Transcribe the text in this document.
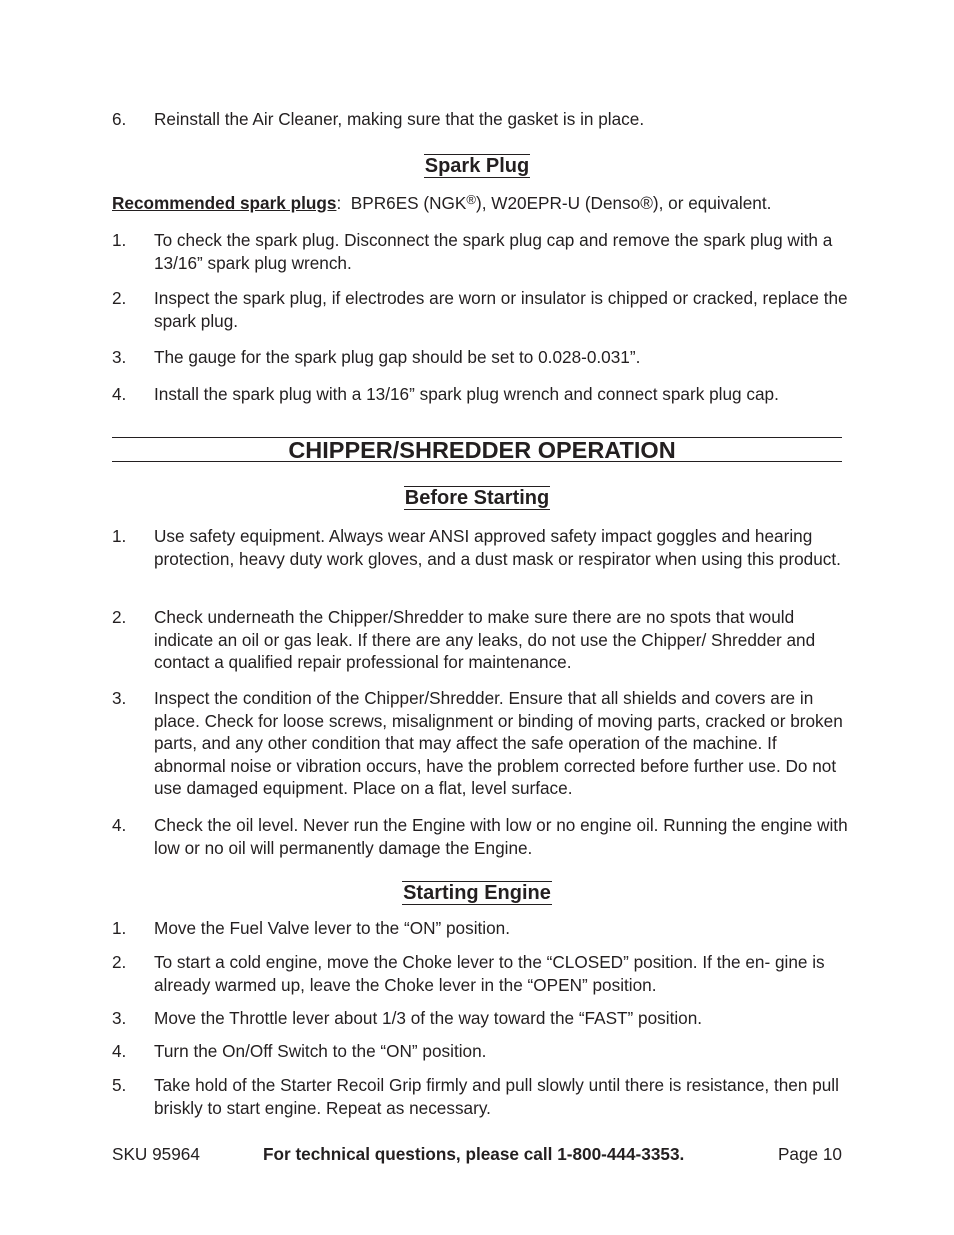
6. Reinstall the Air Cleaner, making sure that the gasket is in place.
Spark Plug
Recommended spark plugs: BPR6ES (NGK®), W20EPR-U (Denso®), or equivalent.
1. To check the spark plug. Disconnect the spark plug cap and remove the spark plug with a 13/16” spark plug wrench.
2. Inspect the spark plug, if electrodes are worn or insulator is chipped or cracked, replace the spark plug.
3. The gauge for the spark plug gap should be set to 0.028-0.031”.
4. Install the spark plug with a 13/16” spark plug wrench and connect spark plug cap.
CHIPPER/SHREDDER OPERATION
Before Starting
1. Use safety equipment. Always wear ANSI approved safety impact goggles and hearing protection, heavy duty work gloves, and a dust mask or respirator when using this product.
2. Check underneath the Chipper/Shredder to make sure there are no spots that would indicate an oil or gas leak. If there are any leaks, do not use the Chipper/ Shredder and contact a qualified repair professional for maintenance.
3. Inspect the condition of the Chipper/Shredder. Ensure that all shields and covers are in place. Check for loose screws, misalignment or binding of moving parts, cracked or broken parts, and any other condition that may affect the safe operation of the machine. If abnormal noise or vibration occurs, have the problem corrected before further use. Do not use damaged equipment. Place on a flat, level surface.
4. Check the oil level. Never run the Engine with low or no engine oil. Running the engine with low or no oil will permanently damage the Engine.
Starting Engine
1. Move the Fuel Valve lever to the “ON” position.
2. To start a cold engine, move the Choke lever to the “CLOSED” position. If the en- gine is already warmed up, leave the Choke lever in the “OPEN” position.
3. Move the Throttle lever about 1/3 of the way toward the “FAST” position.
4. Turn the On/Off Switch to the “ON” position.
5. Take hold of the Starter Recoil Grip firmly and pull slowly until there is resistance, then pull briskly to start engine. Repeat as necessary.
SKU 95964	For technical questions, please call 1-800-444-3353.	Page 10
